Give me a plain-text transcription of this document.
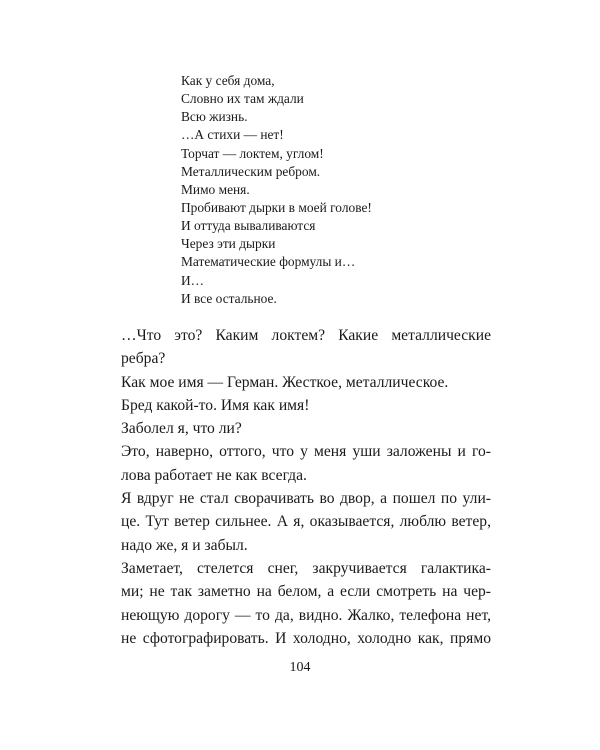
Как у себя дома,
Словно их там ждали
Всю жизнь.
…А стихи — нет!
Торчат — локтем, углом!
Металлическим ребром.
Мимо меня.
Пробивают дырки в моей голове!
И оттуда вываливаются
Через эти дырки
Математические формулы и…
И…
И все остальное.
…Что это? Каким локтем? Какие металлические
ребра?
Как мое имя — Герман. Жесткое, металлическое.
Бред какой-то. Имя как имя!
Заболел я, что ли?
Это, наверно, оттого, что у меня уши заложены и го-
лова работает не как всегда.
Я вдруг не стал сворачивать во двор, а пошел по ули-
це. Тут ветер сильнее. А я, оказывается, люблю ветер,
надо же, я и забыл.
Заметает, стелется снег, закручивается галактика-
ми; не так заметно на белом, а если смотреть на чер-
неющую дорогу — то да, видно. Жалко, телефона нет,
не сфотографировать. И холодно, холодно как, прямо
104
